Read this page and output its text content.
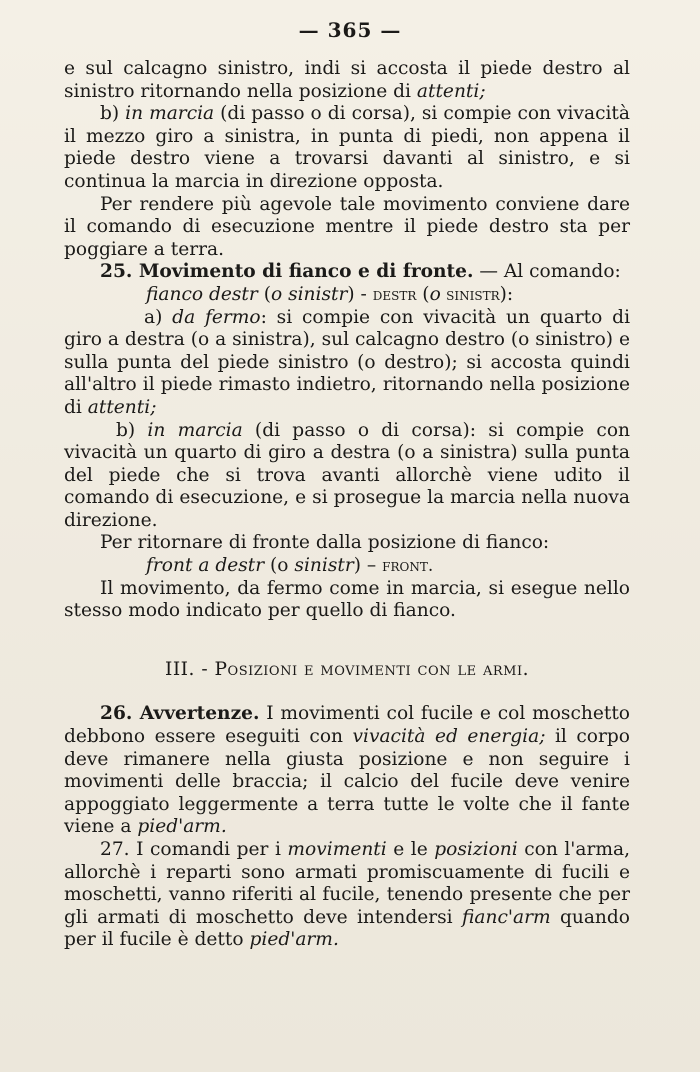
— 365 —

e sul calcagno sinistro, indi si accosta il piede destro al sinistro ritornando nella posizione di attenti;

b) in marcia (di passo o di corsa), si compie con vivacità il mezzo giro a sinistra, in punta di piedi, non appena il piede destro viene a trovarsi davanti al sinistro, e si continua la marcia in direzione opposta.

Per rendere più agevole tale movimento conviene dare il comando di esecuzione mentre il piede destro sta per poggiare a terra.

25. Movimento di fianco e di fronte. — Al comando:

fianco destr (o sinistr) - destr (o sinistr):

a) da fermo: si compie con vivacità un quarto di giro a destra (o a sinistra), sul calcagno destro (o sinistro) e sulla punta del piede sinistro (o destro); si accosta quindi all'altro il piede rimasto indietro, ritornando nella posizione di attenti;

b) in marcia (di passo o di corsa): si compie con vivacità un quarto di giro a destra (o a sinistra) sulla punta del piede che si trova avanti allorchè viene udito il comando di esecuzione, e si prosegue la marcia nella nuova direzione.

Per ritornare di fronte dalla posizione di fianco:

front a destr (o sinistr) – front.

Il movimento, da fermo come in marcia, si esegue nello stesso modo indicato per quello di fianco.

III. - Posizioni e movimenti con le armi.

26. Avvertenze. I movimenti col fucile e col moschetto debbono essere eseguiti con vivacità ed energia; il corpo deve rimanere nella giusta posizione e non seguire i movimenti delle braccia; il calcio del fucile deve venire appoggiato leggermente a terra tutte le volte che il fante viene a pied'arm.

27. I comandi per i movimenti e le posizioni con l'arma, allorchè i reparti sono armati promiscuamente di fucili e moschetti, vanno riferiti al fucile, tenendo presente che per gli armati di moschetto deve intendersi fianc'arm quando per il fucile è detto pied'arm.
